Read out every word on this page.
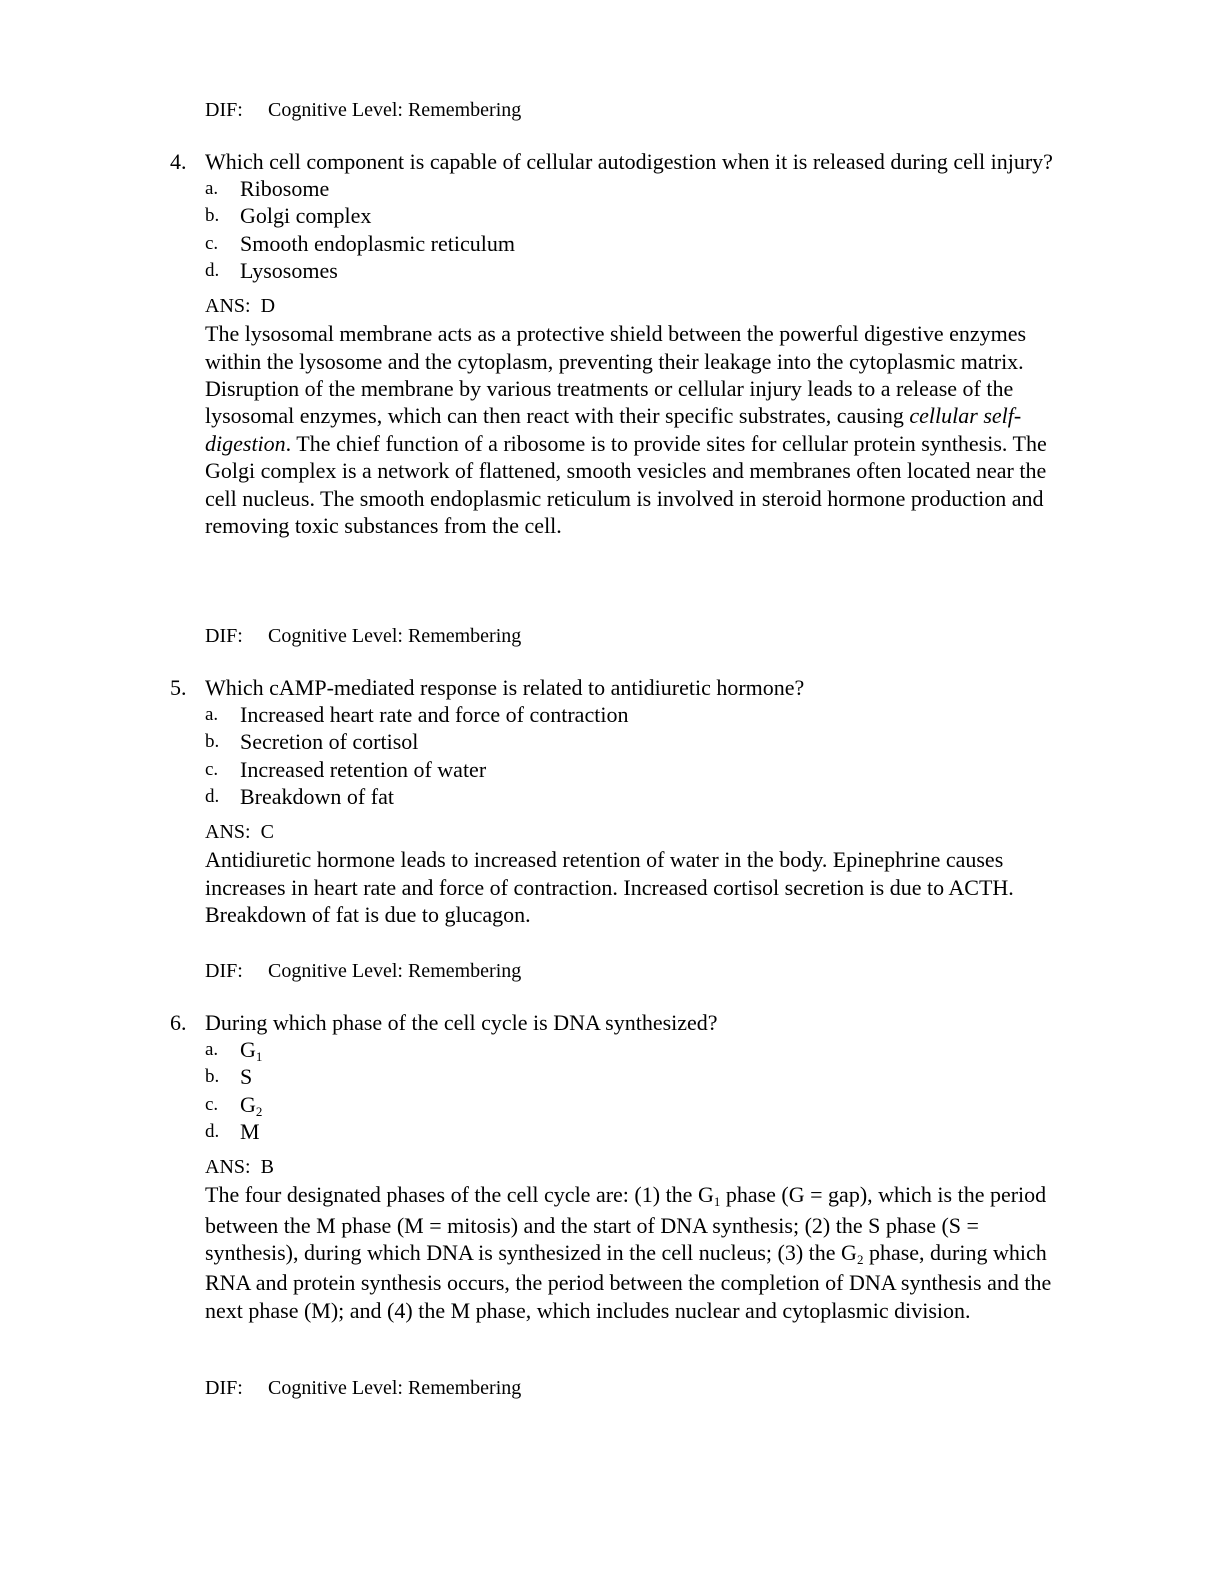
DIF: Cognitive Level: Remembering
4. Which cell component is capable of cellular autodigestion when it is released during cell injury?
a. Ribosome
b. Golgi complex
c. Smooth endoplasmic reticulum
d. Lysosomes
ANS: D
The lysosomal membrane acts as a protective shield between the powerful digestive enzymes within the lysosome and the cytoplasm, preventing their leakage into the cytoplasmic matrix. Disruption of the membrane by various treatments or cellular injury leads to a release of the lysosomal enzymes, which can then react with their specific substrates, causing cellular self-digestion. The chief function of a ribosome is to provide sites for cellular protein synthesis. The Golgi complex is a network of flattened, smooth vesicles and membranes often located near the cell nucleus. The smooth endoplasmic reticulum is involved in steroid hormone production and removing toxic substances from the cell.
DIF: Cognitive Level: Remembering
5. Which cAMP-mediated response is related to antidiuretic hormone?
a. Increased heart rate and force of contraction
b. Secretion of cortisol
c. Increased retention of water
d. Breakdown of fat
ANS: C
Antidiuretic hormone leads to increased retention of water in the body. Epinephrine causes increases in heart rate and force of contraction. Increased cortisol secretion is due to ACTH. Breakdown of fat is due to glucagon.
DIF: Cognitive Level: Remembering
6. During which phase of the cell cycle is DNA synthesized?
a. G1
b. S
c. G2
d. M
ANS: B
The four designated phases of the cell cycle are: (1) the G1 phase (G = gap), which is the period between the M phase (M = mitosis) and the start of DNA synthesis; (2) the S phase (S = synthesis), during which DNA is synthesized in the cell nucleus; (3) the G2 phase, during which RNA and protein synthesis occurs, the period between the completion of DNA synthesis and the next phase (M); and (4) the M phase, which includes nuclear and cytoplasmic division.
DIF: Cognitive Level: Remembering
